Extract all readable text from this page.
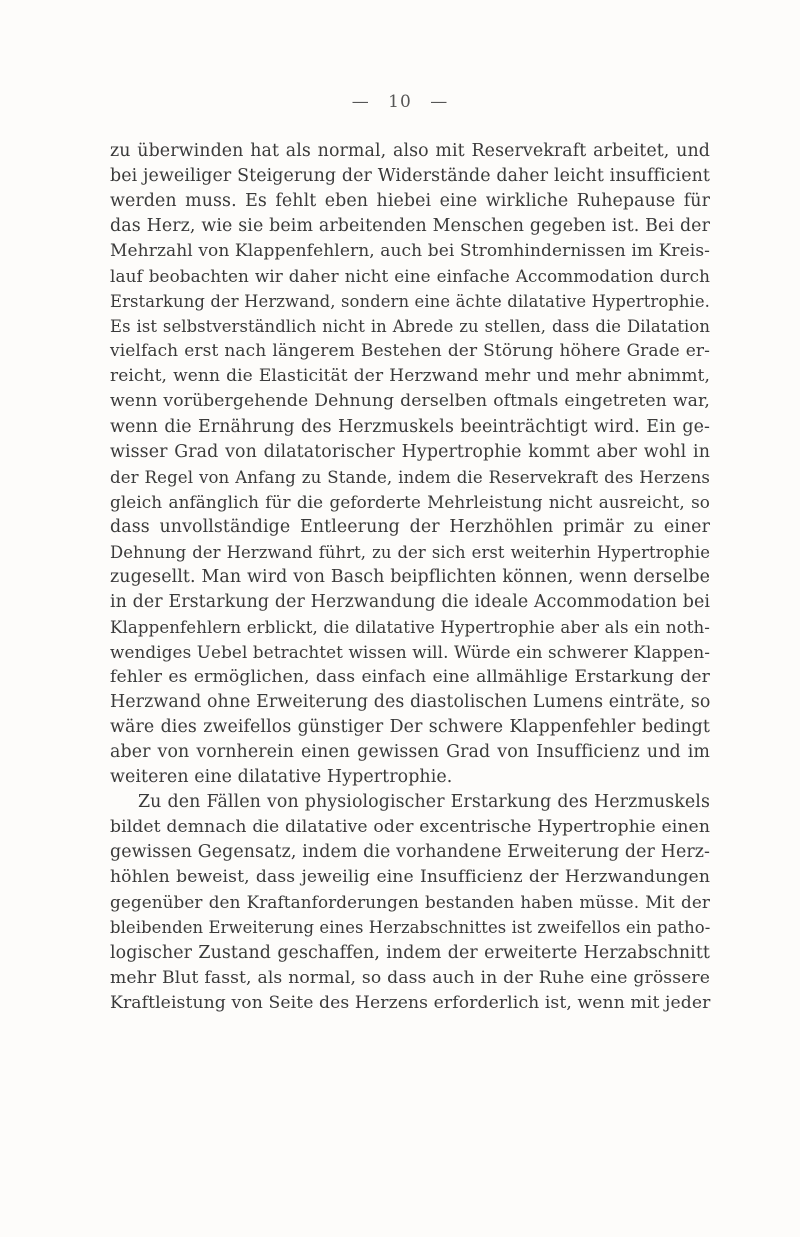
— 10 —
zu überwinden hat als normal, also mit Reservekraft arbeitet, und
bei jeweiliger Steigerung der Widerstände daher leicht insufficient
werden muss. Es fehlt eben hiebei eine wirkliche Ruhepause für
das Herz, wie sie beim arbeitenden Menschen gegeben ist. Bei der
Mehrzahl von Klappenfehlern, auch bei Stromhindernissen im Kreis-
lauf beobachten wir daher nicht eine einfache Accommodation durch
Erstarkung der Herzwand, sondern eine ächte dilatative Hypertrophie.
Es ist selbstverständlich nicht in Abrede zu stellen, dass die Dilatation
vielfach erst nach längerem Bestehen der Störung höhere Grade er-
reicht, wenn die Elasticität der Herzwand mehr und mehr abnimmt,
wenn vorübergehende Dehnung derselben oftmals eingetreten war,
wenn die Ernährung des Herzmuskels beeinträchtigt wird. Ein ge-
wisser Grad von dilatatorischer Hypertrophie kommt aber wohl in
der Regel von Anfang zu Stande, indem die Reservekraft des Herzens
gleich anfänglich für die geforderte Mehrleistung nicht ausreicht, so
dass unvollständige Entleerung der Herzhöhlen primär zu einer
Dehnung der Herzwand führt, zu der sich erst weiterhin Hypertrophie
zugesellt. Man wird von Basch beipflichten können, wenn derselbe
in der Erstarkung der Herzwandung die ideale Accommodation bei
Klappenfehlern erblickt, die dilatative Hypertrophie aber als ein noth-
wendiges Uebel betrachtet wissen will. Würde ein schwerer Klappen-
fehler es ermöglichen, dass einfach eine allmählige Erstarkung der
Herzwand ohne Erweiterung des diastolischen Lumens einträte, so
wäre dies zweifellos günstiger Der schwere Klappenfehler bedingt
aber von vornherein einen gewissen Grad von Insufficienz und im
weiteren eine dilatative Hypertrophie.
Zu den Fällen von physiologischer Erstarkung des Herzmuskels
bildet demnach die dilatative oder excentrische Hypertrophie einen
gewissen Gegensatz, indem die vorhandene Erweiterung der Herz-
höhlen beweist, dass jeweilig eine Insufficienz der Herzwandungen
gegenüber den Kraftanforderungen bestanden haben müsse. Mit der
bleibenden Erweiterung eines Herzabschnittes ist zweifellos ein patho-
logischer Zustand geschaffen, indem der erweiterte Herzabschnitt
mehr Blut fasst, als normal, so dass auch in der Ruhe eine grössere
Kraftleistung von Seite des Herzens erforderlich ist, wenn mit jeder
